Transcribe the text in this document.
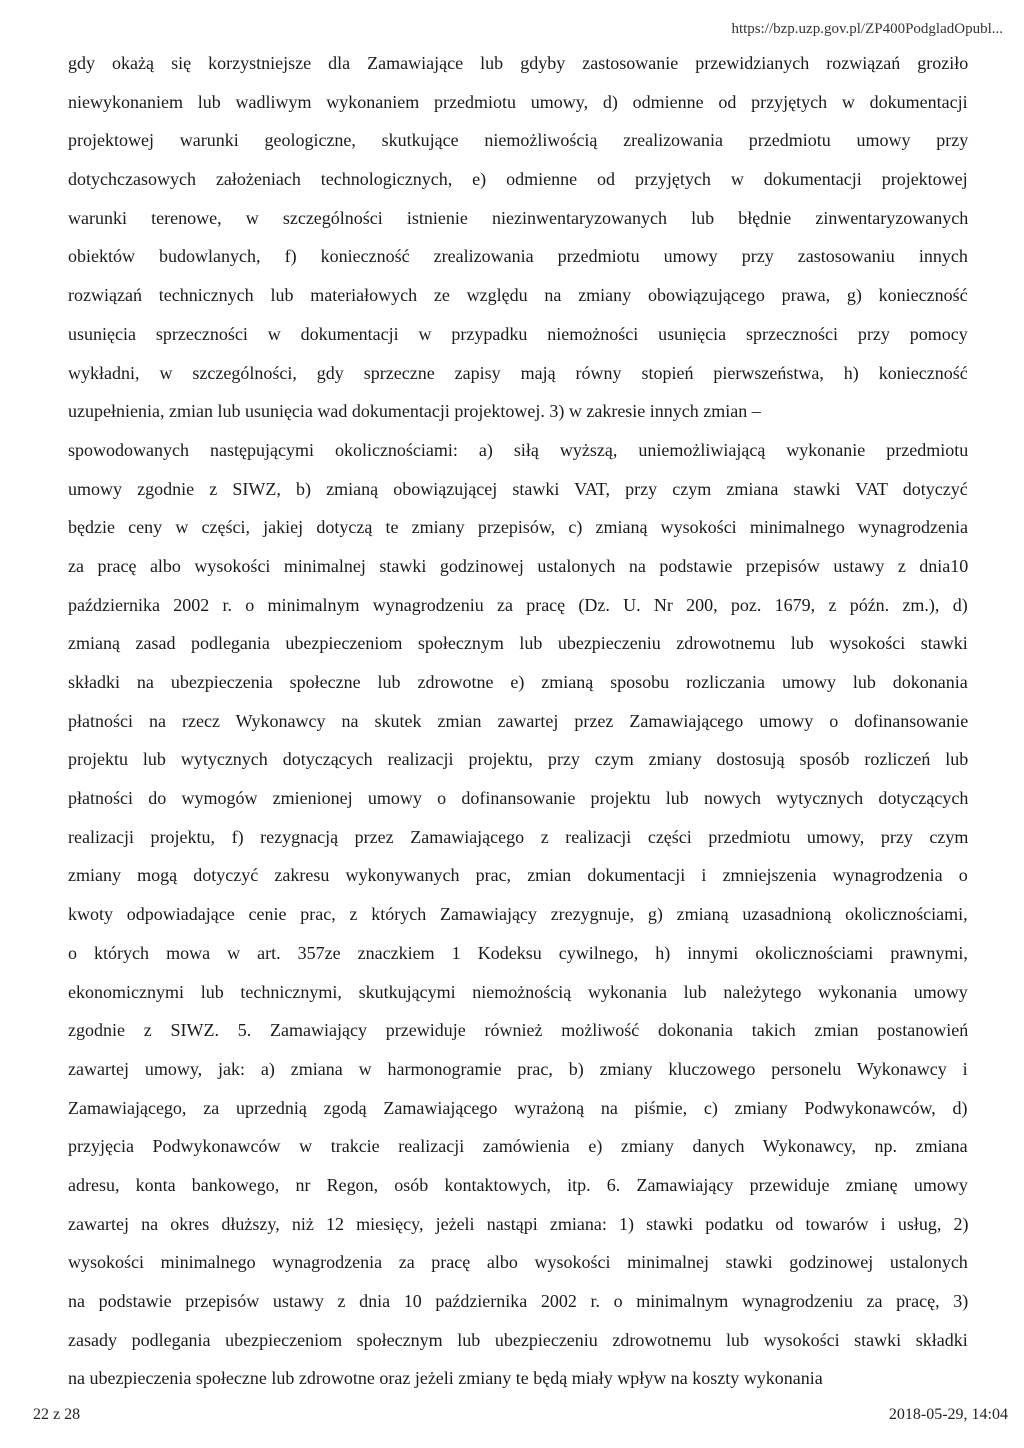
https://bzp.uzp.gov.pl/ZP400PodgladOpubl...
gdy okażą się korzystniejsze dla Zamawiające lub gdyby zastosowanie przewidzianych rozwiązań groziło
niewykonaniem lub wadliwym wykonaniem przedmiotu umowy, d) odmienne od przyjętych w dokumentacji
projektowej warunki geologiczne, skutkujące niemożliwością zrealizowania przedmiotu umowy przy
dotychczasowych założeniach technologicznych, e) odmienne od przyjętych w dokumentacji projektowej
warunki terenowe, w szczególności istnienie niezinwentaryzowanych lub błędnie zinwentaryzowanych
obiektów budowlanych, f) konieczność zrealizowania przedmiotu umowy przy zastosowaniu innych
rozwiązań technicznych lub materiałowych ze względu na zmiany obowiązującego prawa, g) konieczność
usunięcia sprzeczności w dokumentacji w przypadku niemożności usunięcia sprzeczności przy pomocy
wykładni, w szczególności, gdy sprzeczne zapisy mają równy stopień pierwszeństwa, h) konieczność
uzupełnienia, zmian lub usunięcia wad dokumentacji projektowej. 3) w zakresie innych zmian –
spowodowanych następującymi okolicznościami: a) siłą wyższą, uniemożliwiającą wykonanie przedmiotu
umowy zgodnie z SIWZ, b) zmianą obowiązującej stawki VAT, przy czym zmiana stawki VAT dotyczyć
będzie ceny w części, jakiej dotyczą te zmiany przepisów, c) zmianą wysokości minimalnego wynagrodzenia
za pracę albo wysokości minimalnej stawki godzinowej ustalonych na podstawie przepisów ustawy z dnia10
października 2002 r. o minimalnym wynagrodzeniu za pracę (Dz. U. Nr 200, poz. 1679, z późn. zm.), d)
zmianą zasad podlegania ubezpieczeniom społecznym lub ubezpieczeniu zdrowotnemu lub wysokości stawki
składki na ubezpieczenia społeczne lub zdrowotne e) zmianą sposobu rozliczania umowy lub dokonania
płatności na rzecz Wykonawcy na skutek zmian zawartej przez Zamawiającego umowy o dofinansowanie
projektu lub wytycznych dotyczących realizacji projektu, przy czym zmiany dostosują sposób rozliczeń lub
płatności do wymogów zmienionej umowy o dofinansowanie projektu lub nowych wytycznych dotyczących
realizacji projektu, f) rezygnacją przez Zamawiającego z realizacji części przedmiotu umowy, przy czym
zmiany mogą dotyczyć zakresu wykonywanych prac, zmian dokumentacji i zmniejszenia wynagrodzenia o
kwoty odpowiadające cenie prac, z których Zamawiający zrezygnuje, g) zmianą uzasadnioną okolicznościami,
o których mowa w art. 357ze znaczkiem 1 Kodeksu cywilnego, h) innymi okolicznościami prawnymi,
ekonomicznymi lub technicznymi, skutkującymi niemożnością wykonania lub należytego wykonania umowy
zgodnie z SIWZ. 5. Zamawiający przewiduje również możliwość dokonania takich zmian postanowień
zawartej umowy, jak: a) zmiana w harmonogramie prac, b) zmiany kluczowego personelu Wykonawcy i
Zamawiającego, za uprzednią zgodą Zamawiającego wyrażoną na piśmie, c) zmiany Podwykonawców, d)
przyjęcia Podwykonawców w trakcie realizacji zamówienia e) zmiany danych Wykonawcy, np. zmiana
adresu, konta bankowego, nr Regon, osób kontaktowych, itp. 6. Zamawiający przewiduje zmianę umowy
zawartej na okres dłuższy, niż 12 miesięcy, jeżeli nastąpi zmiana: 1) stawki podatku od towarów i usług, 2)
wysokości minimalnego wynagrodzenia za pracę albo wysokości minimalnej stawki godzinowej ustalonych
na podstawie przepisów ustawy z dnia 10 października 2002 r. o minimalnym wynagrodzeniu za pracę, 3)
zasady podlegania ubezpieczeniom społecznym lub ubezpieczeniu zdrowotnemu lub wysokości stawki składki
na ubezpieczenia społeczne lub zdrowotne oraz jeżeli zmiany te będą miały wpływ na koszty wykonania
22 z 28	2018-05-29, 14:04
